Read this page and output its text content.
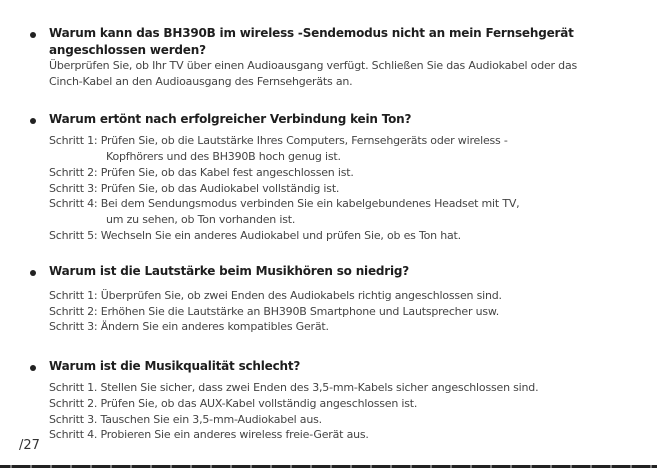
Warum kann das BH390B im wireless -Sendemodus nicht an mein Fernsehgerät angeschlossen werden?
Überprüfen Sie, ob Ihr TV über einen Audioausgang verfügt. Schließen Sie das Audiokabel oder das Cinch-Kabel an den Audioausgang des Fernsehgeräts an.
Warum ertönt nach erfolgreicher Verbindung kein Ton?
Schritt 1: Prüfen Sie, ob die Lautstärke Ihres Computers, Fernsehgeräts oder wireless -
Kopfhörers und des BH390B hoch genug ist.
Schritt 2: Prüfen Sie, ob das Kabel fest angeschlossen ist.
Schritt 3: Prüfen Sie, ob das Audiokabel vollständig ist.
Schritt 4: Bei dem Sendungsmodus verbinden Sie ein kabelgebundenes Headset mit TV,
um zu sehen, ob Ton vorhanden ist.
Schritt 5: Wechseln Sie ein anderes Audiokabel und prüfen Sie, ob es Ton hat.
Warum ist die Lautstärke beim Musikhören so niedrig?
Schritt 1: Überprüfen Sie, ob zwei Enden des Audiokabels richtig angeschlossen sind.
Schritt 2: Erhöhen Sie die Lautstärke an BH390B Smartphone und Lautsprecher usw.
Schritt 3: Ändern Sie ein anderes kompatibles Gerät.
Warum ist die Musikqualität schlecht?
Schritt 1. Stellen Sie sicher, dass zwei Enden des 3,5-mm-Kabels sicher angeschlossen sind.
Schritt 2. Prüfen Sie, ob das AUX-Kabel vollständig angeschlossen ist.
Schritt 3. Tauschen Sie ein 3,5-mm-Audiokabel aus.
Schritt 4. Probieren Sie ein anderes wireless freie-Gerät aus.
/27
